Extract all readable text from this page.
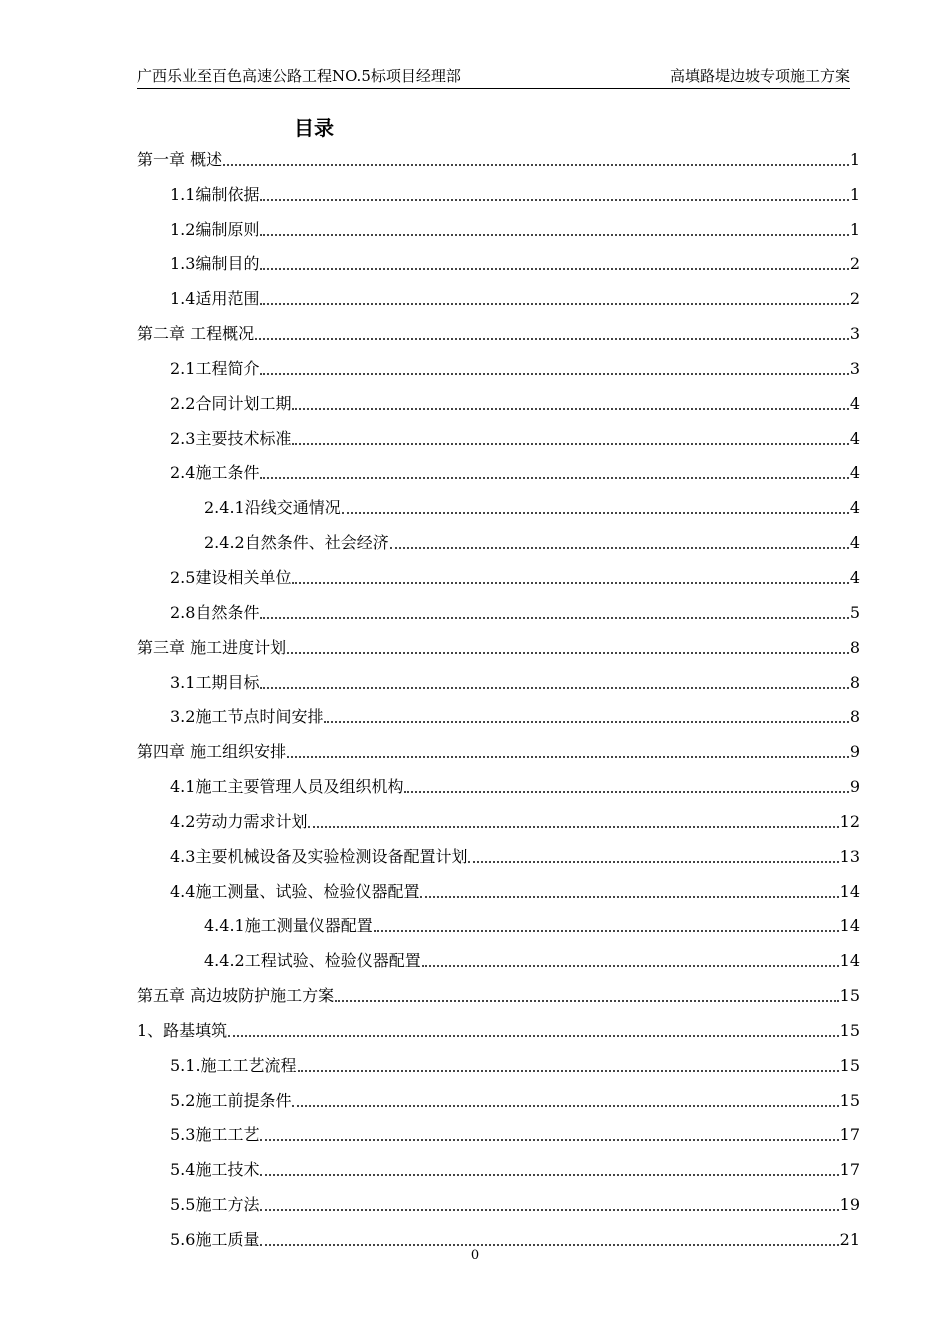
广西乐业至百色高速公路工程NO.5标项目经理部	高填路堤边坡专项施工方案
目录
第一章 概述	1
1.1编制依据	1
1.2编制原则	1
1.3编制目的	2
1.4适用范围	2
第二章 工程概况	3
2.1工程简介	3
2.2合同计划工期	4
2.3主要技术标准	4
2.4施工条件	4
2.4.1沿线交通情况	4
2.4.2自然条件、社会经济	4
2.5建设相关单位	4
2.8自然条件	5
第三章 施工进度计划	8
3.1工期目标	8
3.2施工节点时间安排	8
第四章 施工组织安排	9
4.1施工主要管理人员及组织机构	9
4.2劳动力需求计划	12
4.3主要机械设备及实验检测设备配置计划	13
4.4施工测量、试验、检验仪器配置	14
4.4.1施工测量仪器配置	14
4.4.2工程试验、检验仪器配置	14
第五章 高边坡防护施工方案	15
1、路基填筑	15
5.1.施工工艺流程	15
5.2施工前提条件	15
5.3施工工艺	17
5.4施工技术	17
5.5施工方法	19
5.6施工质量	21
0
